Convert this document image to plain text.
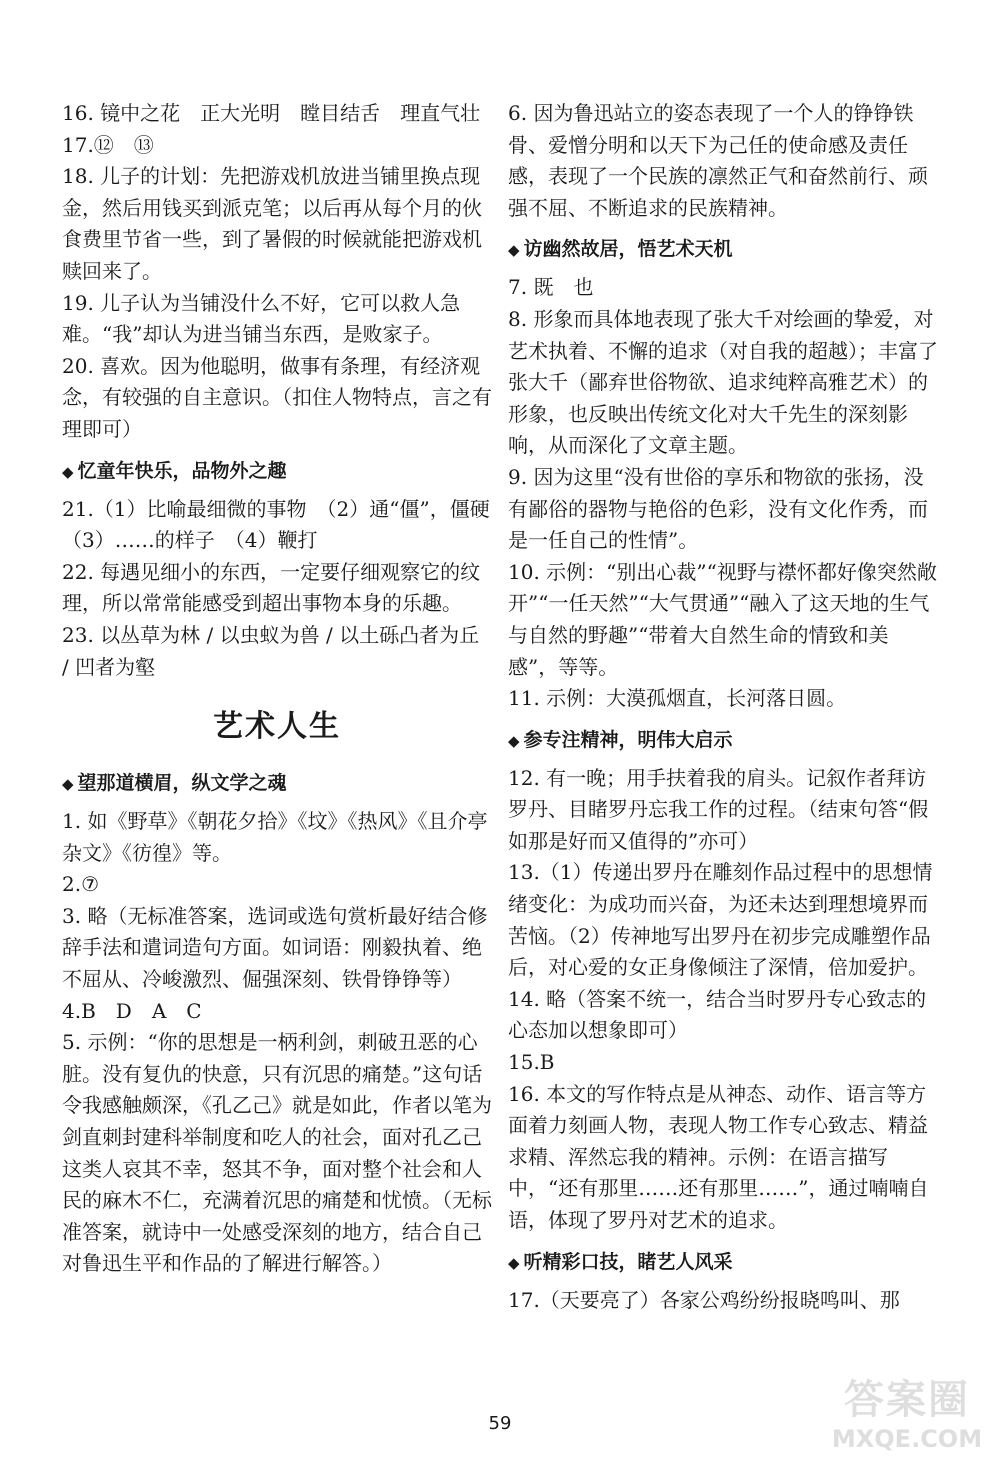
16. 镜中之花　正大光明　瞠目结舌　理直气壮

17.⑫　⑬

18. 儿子的计划：先把游戏机放进当铺里换点现金，然后用钱买到派克笔；以后再从每个月的伙食费里节省一些，到了暑假的时候就能把游戏机赎回来了。

19. 儿子认为当铺没什么不好，它可以救人急难。“我”却认为进当铺当东西，是败家子。

20. 喜欢。因为他聪明，做事有条理，有经济观念，有较强的自主意识。（扣住人物特点，言之有理即可）

◆ 忆童年快乐，品物外之趣

21.（1）比喻最细微的事物　（2）通“僵”，僵硬　（3）……的样子　（4）鞭打

22. 每遇见细小的东西，一定要仔细观察它的纹理，所以常常能感受到超出事物本身的乐趣。

23. 以丛草为林 / 以虫蚁为兽 / 以土砾凸者为丘 / 凹者为壑

艺术人生
◆ 望那道横眉，纵文学之魂

1. 如《野草》《朝花夕拾》《坟》《热风》《且介亭杂文》《彷徨》等。

2.⑦

3. 略（无标准答案，选词或选句赏析最好结合修辞手法和遣词造句方面。如词语：刚毅执着、绝不屈从、冷峻激烈、倔强深刻、铁骨铮铮等）

4.B　D　A　C

5. 示例：“你的思想是一柄利剑，刺破丑恶的心脏。没有复仇的快意，只有沉思的痛楚。”这句话令我感触颇深，《孔乙己》就是如此，作者以笔为剑直刺封建科举制度和吃人的社会，面对孔乙己这类人哀其不幸，怒其不争，面对整个社会和人民的麻木不仁，充满着沉思的痛楚和忧愤。（无标准答案，就诗中一处感受深刻的地方，结合自己对鲁迅生平和作品的了解进行解答。）

6. 因为鲁迅站立的姿态表现了一个人的铮铮铁骨、爱憎分明和以天下为己任的使命感及责任感，表现了一个民族的凛然正气和奋然前行、顽强不屈、不断追求的民族精神。

◆ 访幽然故居，悟艺术天机

7. 既　也

8. 形象而具体地表现了张大千对绘画的挚爱，对艺术执着、不懈的追求（对自我的超越）；丰富了张大千（鄙弃世俗物欲、追求纯粹高雅艺术）的形象，也反映出传统文化对大千先生的深刻影响，从而深化了文章主题。

9. 因为这里“没有世俗的享乐和物欲的张扬，没有鄙俗的器物与艳俗的色彩，没有文化作秀，而是一任自己的性情”。

10. 示例：“别出心裁”“视野与襟怀都好像突然敞开”“一任天然”“大气贯通”“融入了这天地的生气与自然的野趣”“带着大自然生命的情致和美感”，等等。

11. 示例：大漠孤烟直，长河落日圆。

◆ 参专注精神，明伟大启示

12. 有一晚；用手扶着我的肩头。记叙作者拜访罗丹、目睹罗丹忘我工作的过程。（结束句答“假如那是好而又值得的”亦可）

13.（1）传递出罗丹在雕刻作品过程中的思想情绪变化：为成功而兴奋，为还未达到理想境界而苦恼。（2）传神地写出罗丹在初步完成雕塑作品后，对心爱的女正身像倾注了深情，倍加爱护。

14. 略（答案不统一，结合当时罗丹专心致志的心态加以想象即可）

15.B

16. 本文的写作特点是从神态、动作、语言等方面着力刻画人物，表现人物工作专心致志、精益求精、浑然忘我的精神。示例：在语言描写中，“还有那里……还有那里……”，通过喃喃自语，体现了罗丹对艺术的追求。

◆ 听精彩口技，睹艺人风采

17.（天要亮了）各家公鸡纷纷报晓鸣叫、那

59
答案圈
MXQE.COM
